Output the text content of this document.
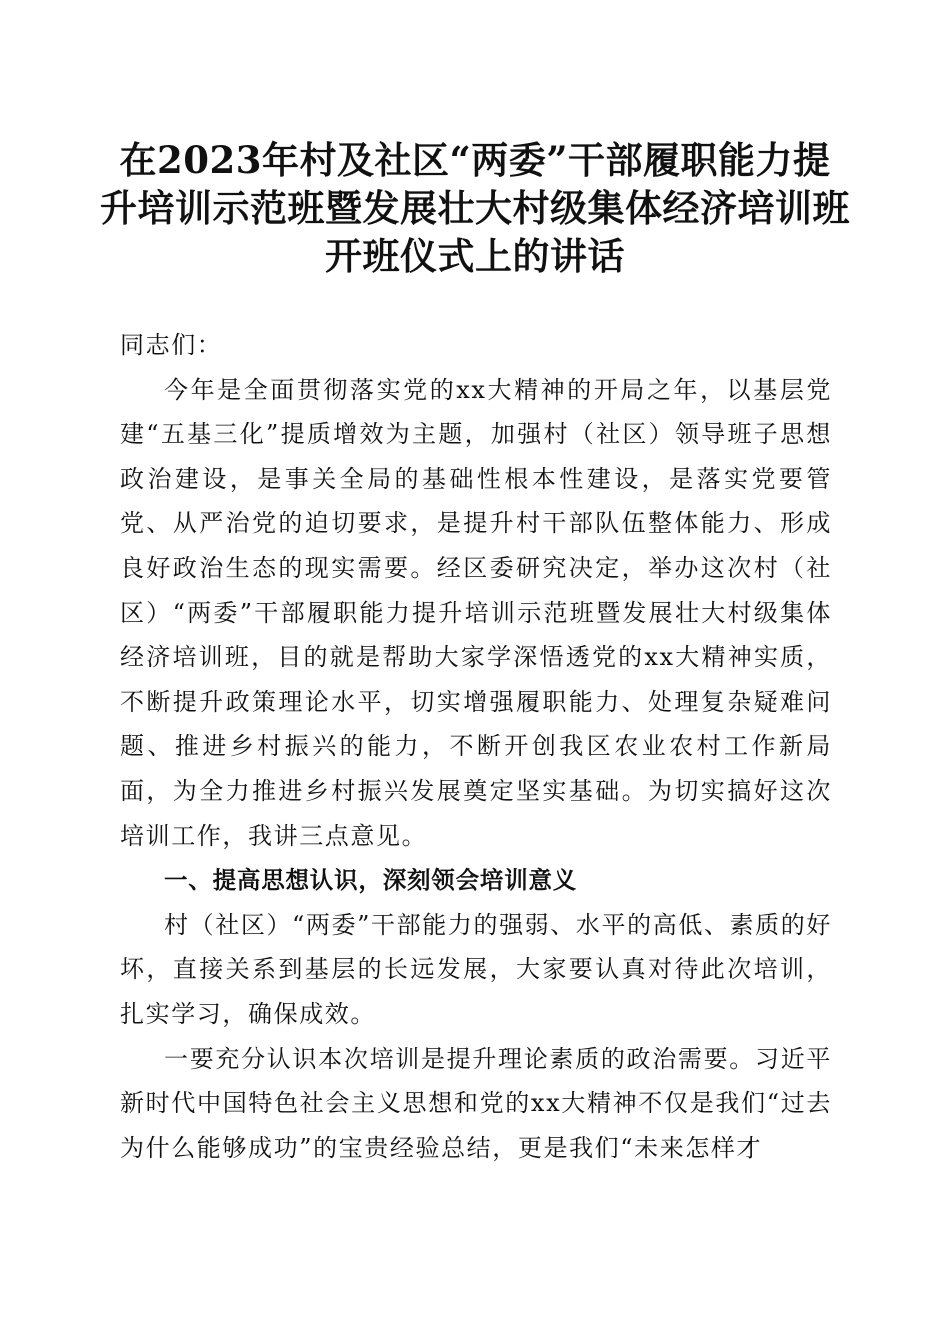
在2023年村及社区“两委”干部履职能力提
升培训示范班暨发展壮大村级集体经济培训班
开班仪式上的讲话

同志们：

今年是全面贯彻落实党的xx大精神的开局之年，以基层党建“五基三化”提质增效为主题，加强村（社区）领导班子思想政治建设，是事关全局的基础性根本性建设，是落实党要管党、从严治党的迫切要求，是提升村干部队伍整体能力、形成良好政治生态的现实需要。经区委研究决定，举办这次村（社区）“两委”干部履职能力提升培训示范班暨发展壮大村级集体经济培训班，目的就是帮助大家学深悟透党的xx大精神实质，不断提升政策理论水平，切实增强履职能力、处理复杂疑难问题、推进乡村振兴的能力，不断开创我区农业农村工作新局面，为全力推进乡村振兴发展奠定坚实基础。为切实搞好这次培训工作，我讲三点意见。

一、提高思想认识，深刻领会培训意义

村（社区）“两委”干部能力的强弱、水平的高低、素质的好坏，直接关系到基层的长远发展，大家要认真对待此次培训，扎实学习，确保成效。

一要充分认识本次培训是提升理论素质的政治需要。习近平新时代中国特色社会主义思想和党的xx大精神不仅是我们“过去为什么能够成功”的宝贵经验总结，更是我们“未来怎样才
